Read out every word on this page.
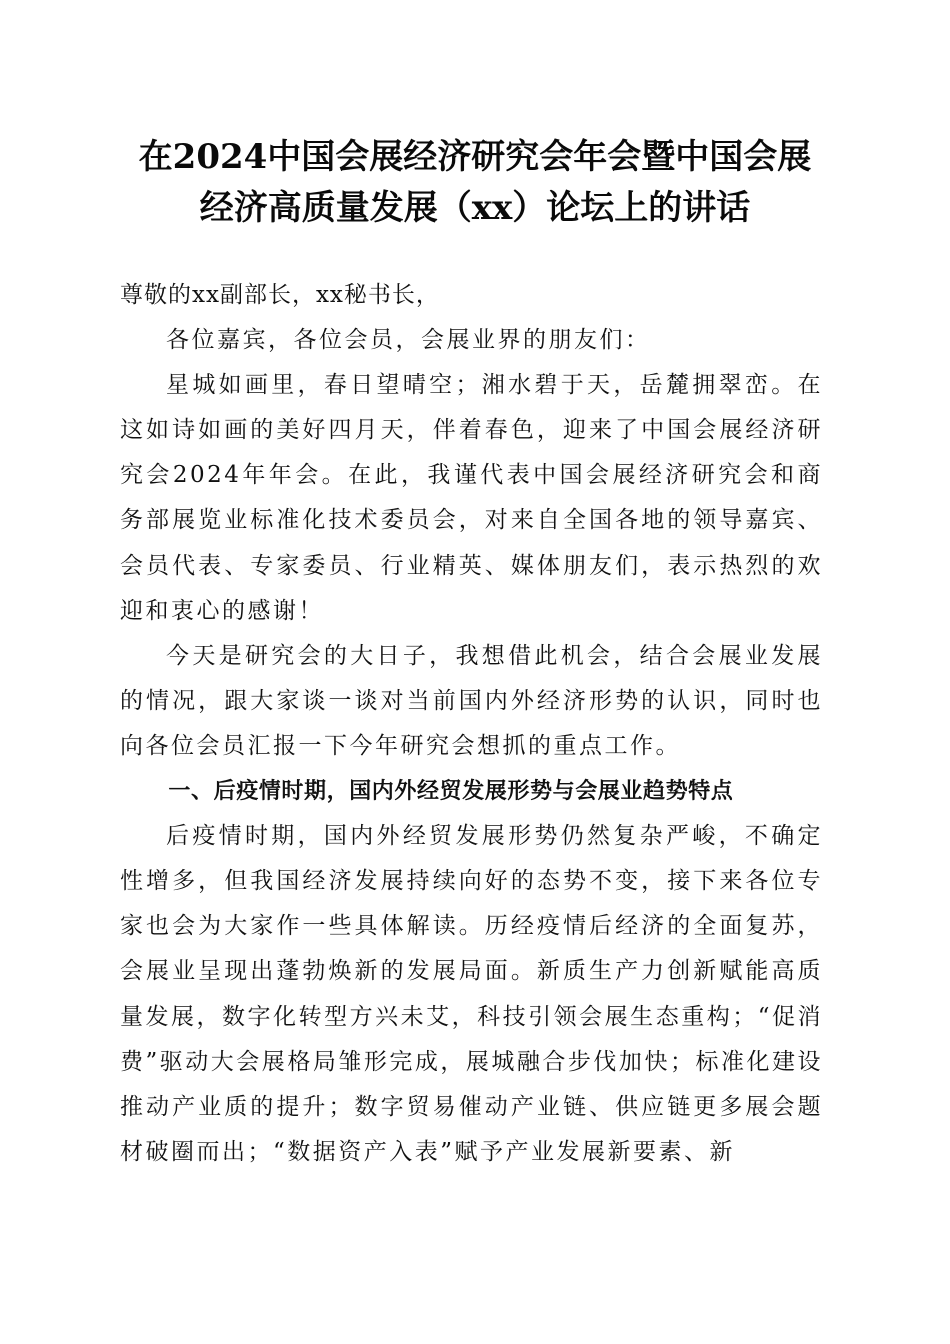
在2024中国会展经济研究会年会暨中国会展
经济高质量发展（xx）论坛上的讲话

尊敬的xx副部长，xx秘书长，

各位嘉宾，各位会员，会展业界的朋友们：

星城如画里，春日望晴空；湘水碧于天，岳麓拥翠峦。在这如诗如画的美好四月天，伴着春色，迎来了中国会展经济研究会2024年年会。在此，我谨代表中国会展经济研究会和商务部展览业标准化技术委员会，对来自全国各地的领导嘉宾、会员代表、专家委员、行业精英、媒体朋友们，表示热烈的欢迎和衷心的感谢！

今天是研究会的大日子，我想借此机会，结合会展业发展的情况，跟大家谈一谈对当前国内外经济形势的认识，同时也向各位会员汇报一下今年研究会想抓的重点工作。

一、后疫情时期，国内外经贸发展形势与会展业趋势特点

后疫情时期，国内外经贸发展形势仍然复杂严峻，不确定性增多，但我国经济发展持续向好的态势不变，接下来各位专家也会为大家作一些具体解读。历经疫情后经济的全面复苏，会展业呈现出蓬勃焕新的发展局面。新质生产力创新赋能高质量发展，数字化转型方兴未艾，科技引领会展生态重构；“促消费”驱动大会展格局雏形完成，展城融合步伐加快；标准化建设推动产业质的提升；数字贸易催动产业链、供应链更多展会题材破圈而出；“数据资产入表”赋予产业发展新要素、新
